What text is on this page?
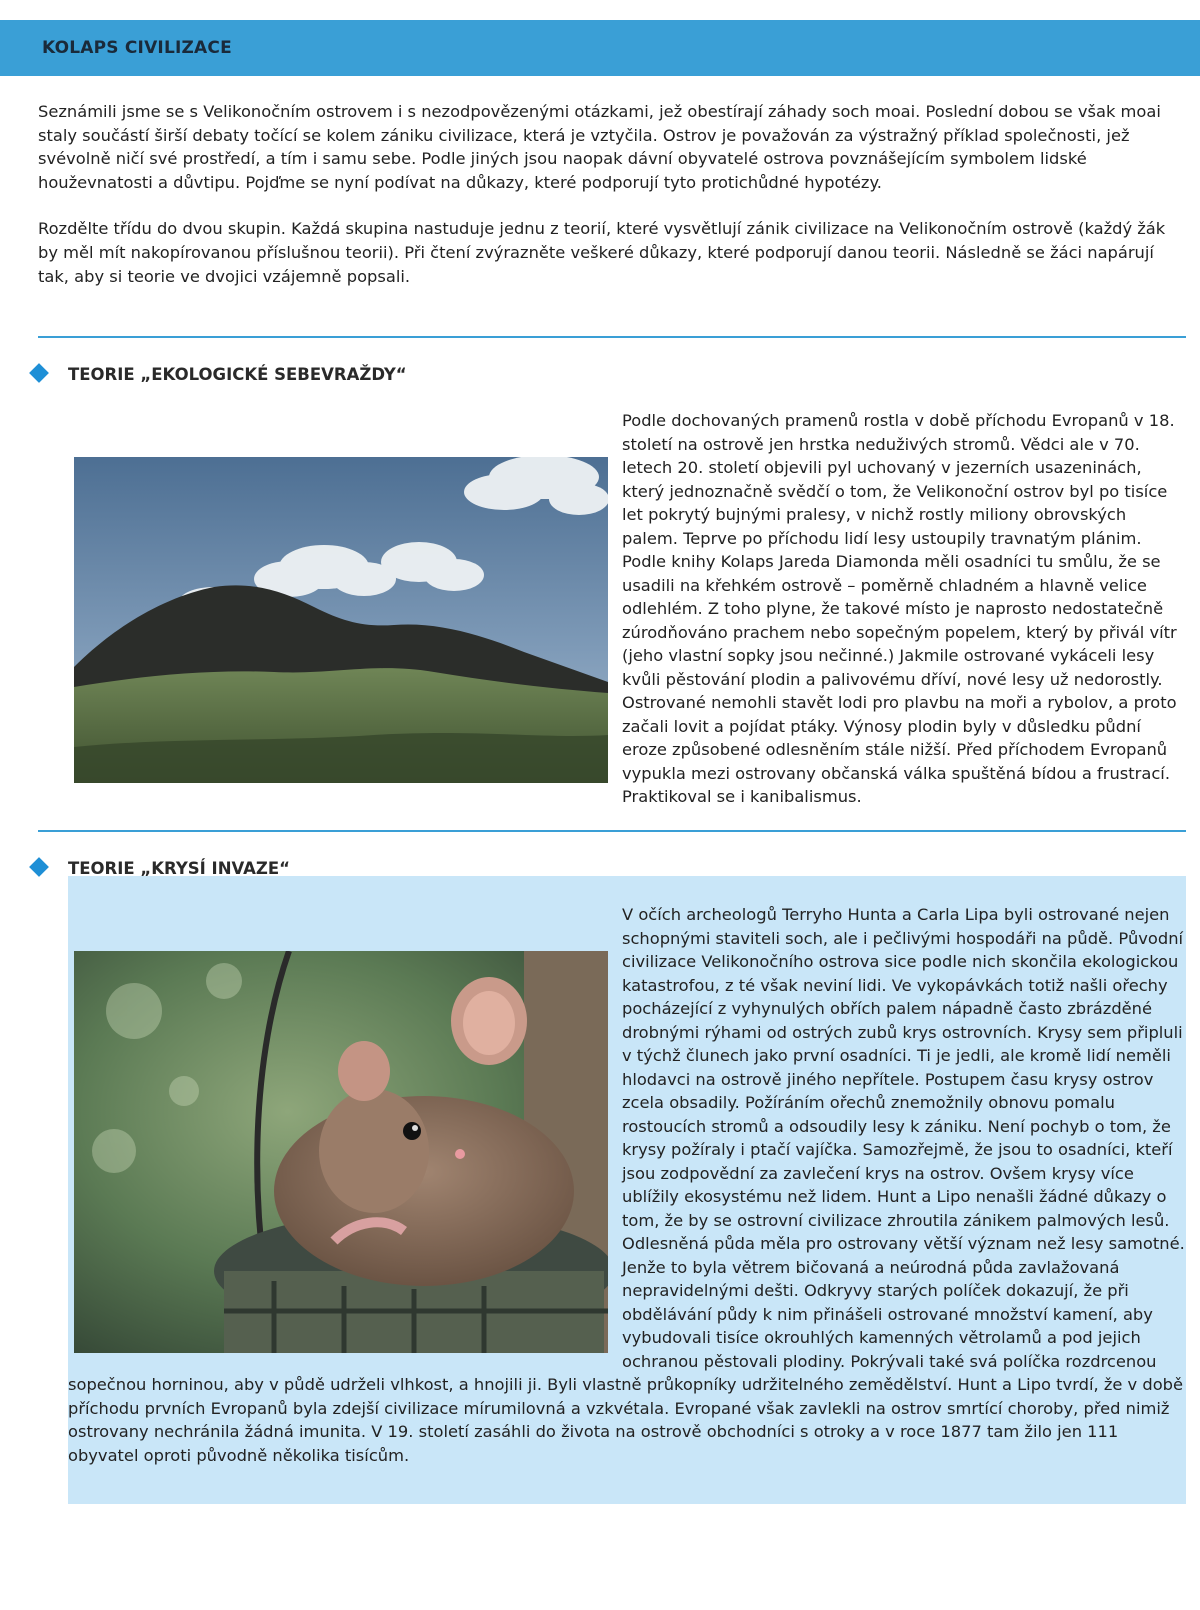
KOLAPS CIVILIZACE

Seznámili jsme se s Velikonočním ostrovem i s nezodpovězenými otázkami, jež obestírají záhady soch moai. Poslední dobou se však moai staly součástí širší debaty točící se kolem zániku civilizace, která je vztyčila. Ostrov je považován za výstražný příklad společnosti, jež svévolně ničí své prostředí, a tím i samu sebe. Podle jiných jsou naopak dávní obyvatelé ostrova povznášejícím symbolem lidské houževnatosti a důvtipu. Pojďme se nyní podívat na důkazy, které podporují tyto protichůdné hypotézy.

Rozdělte třídu do dvou skupin. Každá skupina nastuduje jednu z teorií, které vysvětlují zánik civilizace na Velikonočním ostrově (každý žák by měl mít nakopírovanou příslušnou teorii). Při čtení zvýrazněte veškeré důkazy, které podporují danou teorii. Následně se žáci napárují tak, aby si teorie ve dvojici vzájemně popsali.

TEORIE „EKOLOGICKÉ SEBEVRAŽDY“

Podle dochovaných pramenů rostla v době příchodu Evropanů v 18. století na ostrově jen hrstka neduživých stromů. Vědci ale v 70. letech 20. století objevili pyl uchovaný v jezerních usazeninách, který jednoznačně svědčí o tom, že Velikonoční ostrov byl po tisíce let pokrytý bujnými pralesy, v nichž rostly miliony obrovských palem. Teprve po příchodu lidí lesy ustoupily travnatým plánim. Podle knihy Kolaps Jareda Diamonda měli osadníci tu smůlu, že se usadili na křehkém ostrově – poměrně chladném a hlavně velice odlehlém. Z toho plyne, že takové místo je naprosto nedostatečně zúrodňováno prachem nebo sopečným popelem, který by přivál vítr (jeho vlastní sopky jsou nečinné.) Jakmile ostrované vykáceli lesy kvůli pěstování plodin a palivovému dříví, nové lesy už nedorostly. Ostrované nemohli stavět lodi pro plavbu na moři a rybolov, a proto začali lovit a pojídat ptáky. Výnosy plodin byly v důsledku půdní eroze způsobené odlesněním stále nižší. Před příchodem Evropanů vypukla mezi ostrovany občanská válka spuštěná bídou a frustrací. Praktikoval se i kanibalismus.

TEORIE „KRYSÍ INVAZE“

V očích archeologů Terryho Hunta a Carla Lipa byli ostrované nejen schopnými staviteli soch, ale i pečlivými hospodáři na půdě. Původní civilizace Velikonočního ostrova sice podle nich skončila ekologickou katastrofou, z té však neviní lidi. Ve vykopávkách totiž našli ořechy pocházející z vyhynulých obřích palem nápadně často zbrázděné drobnými rýhami od ostrých zubů krys ostrovních. Krysy sem připluli v týchž člunech jako první osadníci. Ti je jedli, ale kromě lidí neměli hlodavci na ostrově jiného nepřítele. Postupem času krysy ostrov zcela obsadily. Požíráním ořechů znemožnily obnovu pomalu rostoucích stromů a odsoudily lesy k zániku. Není pochyb o tom, že krysy požíraly i ptačí vajíčka. Samozřejmě, že jsou to osadníci, kteří jsou zodpovědní za zavlečení krys na ostrov. Ovšem krysy více ublížily ekosystému než lidem. Hunt a Lipo nenašli žádné důkazy o tom, že by se ostrovní civilizace zhroutila zánikem palmových lesů. Odlesněná půda měla pro ostrovany větší význam než lesy samotné. Jenže to byla větrem bičovaná a neúrodná půda zavlažovaná nepravidelnými dešti. Odkryvy starých políček dokazují, že při obdělávání půdy k nim přinášeli ostrované množství kamení, aby vybudovali tisíce okrouhlých kamenných větrolamů a pod jejich ochranou pěstovali plodiny. Pokrývali také svá políčka rozdrcenou sopečnou horninou, aby v půdě udrželi vlhkost, a hnojili ji. Byli vlastně průkopníky udržitelného zemědělství. Hunt a Lipo tvrdí, že v době příchodu prvních Evropanů byla zdejší civilizace mírumilovná a vzkvétala. Evropané však zavlekli na ostrov smrtící choroby, před nimiž ostrovany nechránila žádná imunita. V 19. století zasáhli do života na ostrově obchodníci s otroky a v roce 1877 tam žilo jen 111 obyvatel oproti původně několika tisícům.
